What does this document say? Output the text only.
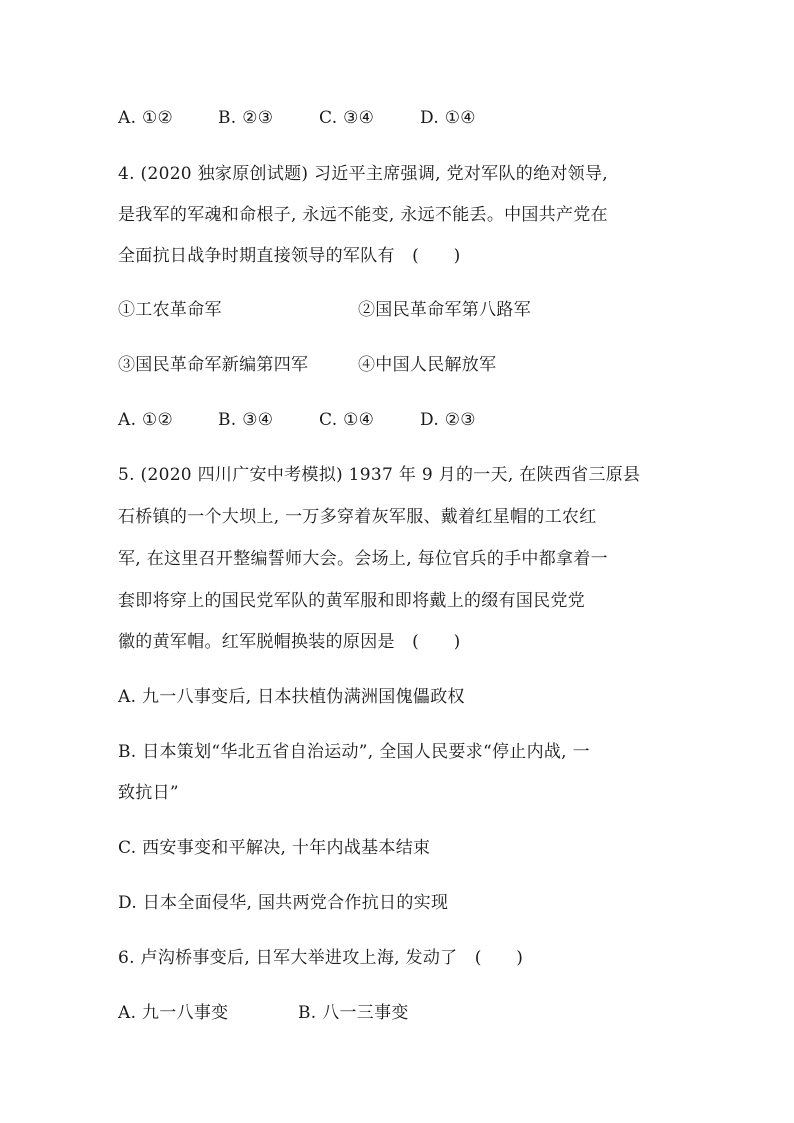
A. ①②	B. ②③	C. ③④	D. ①④
4. (2020 独家原创试题) 习近平主席强调, 党对军队的绝对领导,
是我军的军魂和命根子, 永远不能变, 永远不能丢。中国共产党在
全面抗日战争时期直接领导的军队有　(　　)
①工农革命军	②国民革命军第八路军
③国民革命军新编第四军	④中国人民解放军
A. ①②	B. ③④	C. ①④	D. ②③
5. (2020 四川广安中考模拟) 1937 年 9 月的一天, 在陕西省三原县
石桥镇的一个大坝上, 一万多穿着灰军服、戴着红星帽的工农红
军, 在这里召开整编誓师大会。会场上, 每位官兵的手中都拿着一
套即将穿上的国民党军队的黄军服和即将戴上的缀有国民党党
徽的黄军帽。红军脱帽换装的原因是　(　　)
A. 九一八事变后, 日本扶植伪满洲国傀儡政权
B. 日本策划“华北五省自治运动”, 全国人民要求“停止内战, 一
致抗日”
C. 西安事变和平解决, 十年内战基本结束
D. 日本全面侵华, 国共两党合作抗日的实现
6. 卢沟桥事变后, 日军大举进攻上海, 发动了　(　　)
A. 九一八事变	B. 八一三事变
